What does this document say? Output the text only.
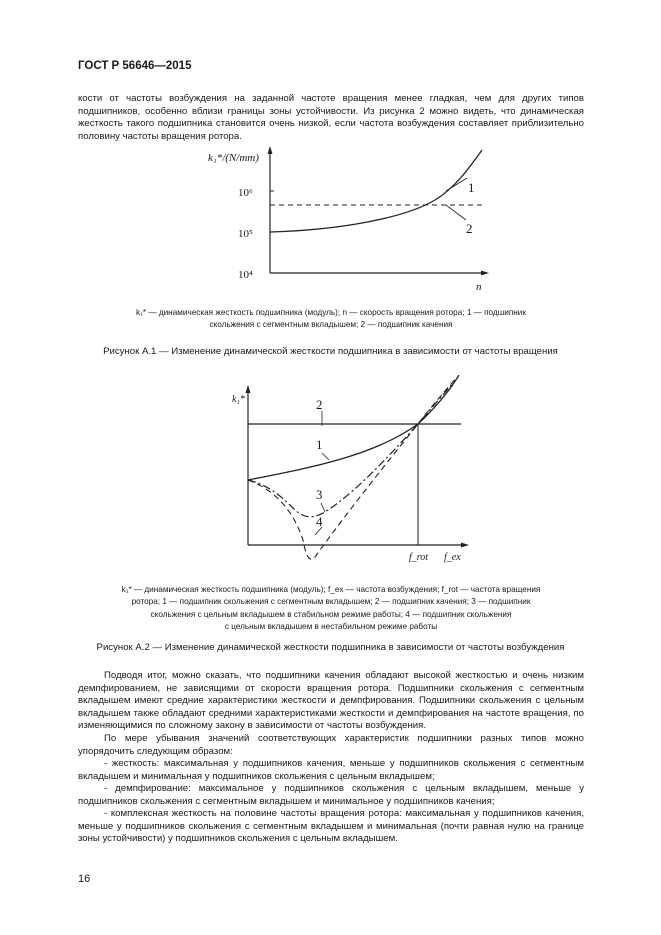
ГОСТ Р 56646—2015
кости от частоты возбуждения на заданной частоте вращения менее гладкая, чем для других типов подшипников, особенно вблизи границы зоны устойчивости. Из рисунка 2 можно видеть, что динамическая жесткость такого подшипника становится очень низкой, если частота возбуждения составляет приблизительно половину частоты вращения ротора.
k₁*/(N/mm)
10⁶
10⁵
10⁴
n
1
2
k₁* — динамическая жесткость подшипника (модуль); n — скорость вращения ротора; 1 — подшипник
скольжения с сегментным вкладышем; 2 — подшипник качения
Рисунок А.1 — Изменение динамической жесткости подшипника в зависимости от частоты вращения
k₁*	2
1
3
4
f_rot f_ex
k₁* — динамическая жесткость подшипника (модуль); f_ex — частота возбуждения; f_rot — частота вращения
ротора; 1 — подшипник скольжения с сегментным вкладышем; 2 — подшипник качения; 3 — подшипник
скольжения с цельным вкладышем в стабильном режиме работы; 4 — подшипник скольжения
с цельным вкладышем в нестабильном режиме работы
Рисунок А.2 — Изменение динамической жесткости подшипника в зависимости от частоты возбуждения
Подводя итог, можно сказать, что подшипники качения обладают высокой жесткостью и очень низким демпфированием, не зависящими от скорости вращения ротора. Подшипники скольжения с сегментным вкладышем имеют средние характеристики жесткости и демпфирования. Подшипники скольжения с цельным вкладышем также обладают средними характеристиками жесткости и демпфирования на частоте вращения, по изменяющимися по сложному закону в зависимости от частоты возбуждения.
По мере убывания значений соответствующих характеристик подшипники разных типов можно упорядочить следующим образом:
- жесткость: максимальная у подшипников качения, меньше у подшипников скольжения с сегментным вкладышем и минимальная у подшипников скольжения с цельным вкладышем;
- демпфирование: максимальное у подшипников скольжения с цельным вкладышем, меньше у подшипников скольжения с сегментным вкладышем и минимальное у подшипников качения;
- комплексная жесткость на половине частоты вращения ротора: максимальная у подшипников качения, меньше у подшипников скольжения с сегментным вкладышем и минимальная (почти равная нулю на границе зоны устойчивости) у подшипников скольжения с цельным вкладышем.
16
